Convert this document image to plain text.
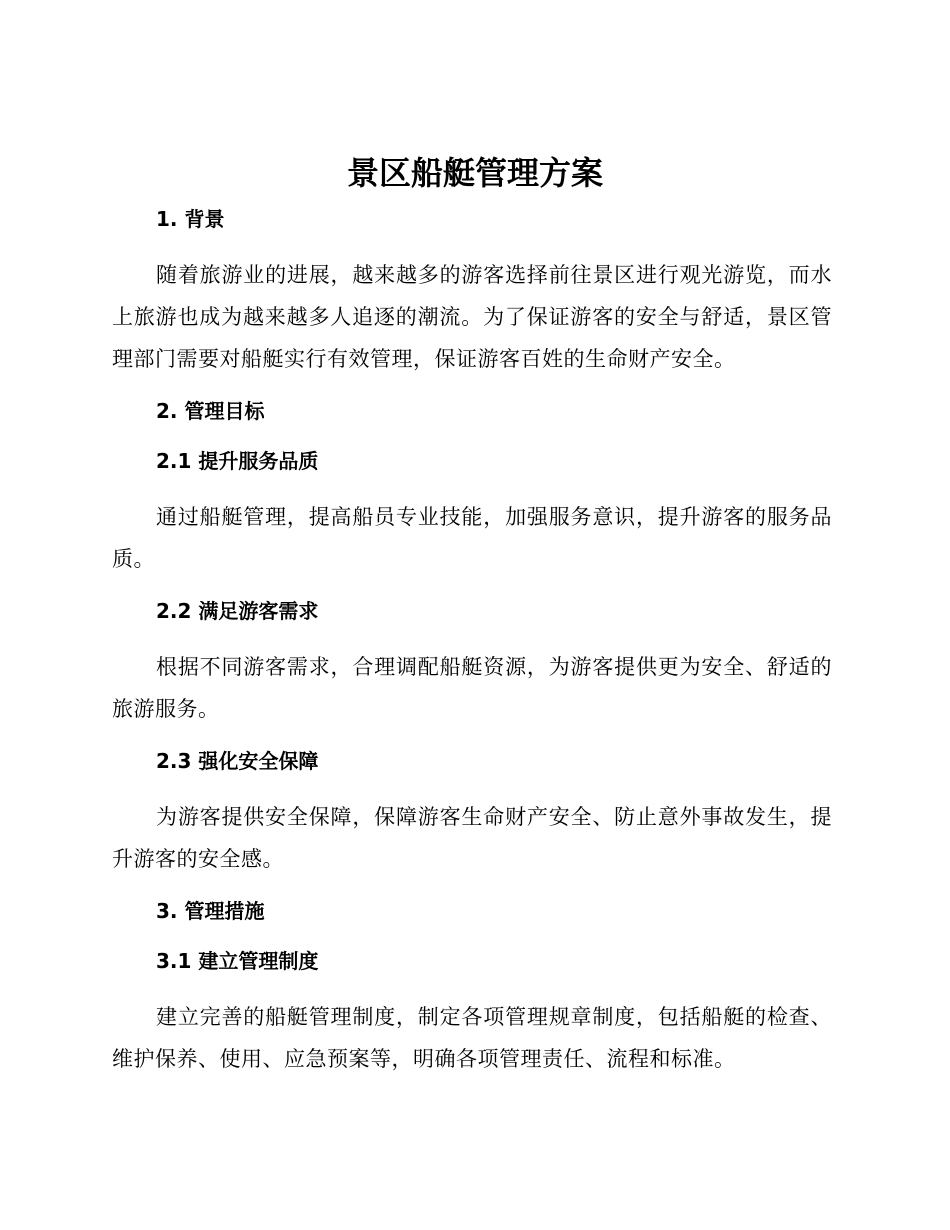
景区船艇管理方案

1. 背景

随着旅游业的进展，越来越多的游客选择前往景区进行观光游览，而水上旅游也成为越来越多人追逐的潮流。为了保证游客的安全与舒适，景区管理部门需要对船艇实行有效管理，保证游客百姓的生命财产安全。

2. 管理目标

2.1 提升服务品质

通过船艇管理，提高船员专业技能，加强服务意识，提升游客的服务品质。

2.2 满足游客需求

根据不同游客需求，合理调配船艇资源，为游客提供更为安全、舒适的旅游服务。

2.3 强化安全保障

为游客提供安全保障，保障游客生命财产安全、防止意外事故发生，提升游客的安全感。

3. 管理措施

3.1 建立管理制度

建立完善的船艇管理制度，制定各项管理规章制度，包括船艇的检查、维护保养、使用、应急预案等，明确各项管理责任、流程和标准。
